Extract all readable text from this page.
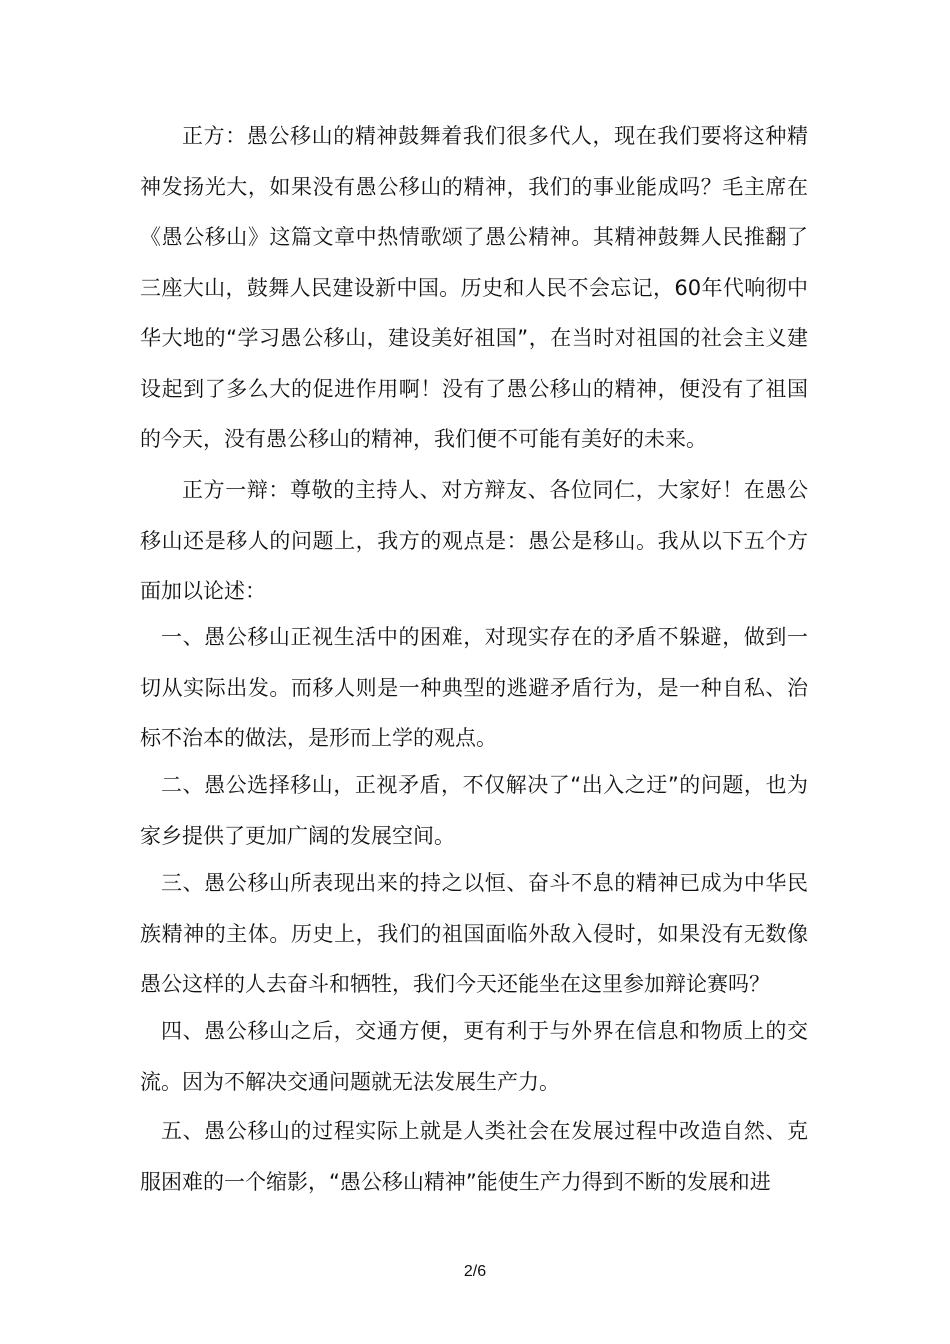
正方：愚公移山的精神鼓舞着我们很多代人，现在我们要将这种精神发扬光大，如果没有愚公移山的精神，我们的事业能成吗？毛主席在《愚公移山》这篇文章中热情歌颂了愚公精神。其精神鼓舞人民推翻了三座大山，鼓舞人民建设新中国。历史和人民不会忘记，60年代响彻中华大地的“学习愚公移山，建设美好祖国”，在当时对祖国的社会主义建设起到了多么大的促进作用啊！没有了愚公移山的精神，便没有了祖国的今天，没有愚公移山的精神，我们便不可能有美好的未来。

正方一辩：尊敬的主持人、对方辩友、各位同仁，大家好！在愚公移山还是移人的问题上，我方的观点是：愚公是移山。我从以下五个方面加以论述：

一、愚公移山正视生活中的困难，对现实存在的矛盾不躲避，做到一切从实际出发。而移人则是一种典型的逃避矛盾行为，是一种自私、治标不治本的做法，是形而上学的观点。

二、愚公选择移山，正视矛盾，不仅解决了“出入之迂”的问题，也为家乡提供了更加广阔的发展空间。

三、愚公移山所表现出来的持之以恒、奋斗不息的精神已成为中华民族精神的主体。历史上，我们的祖国面临外敌入侵时，如果没有无数像愚公这样的人去奋斗和牺牲，我们今天还能坐在这里参加辩论赛吗？

四、愚公移山之后，交通方便，更有利于与外界在信息和物质上的交流。因为不解决交通问题就无法发展生产力。

五、愚公移山的过程实际上就是人类社会在发展过程中改造自然、克服困难的一个缩影，“愚公移山精神”能使生产力得到不断的发展和进

2/6
